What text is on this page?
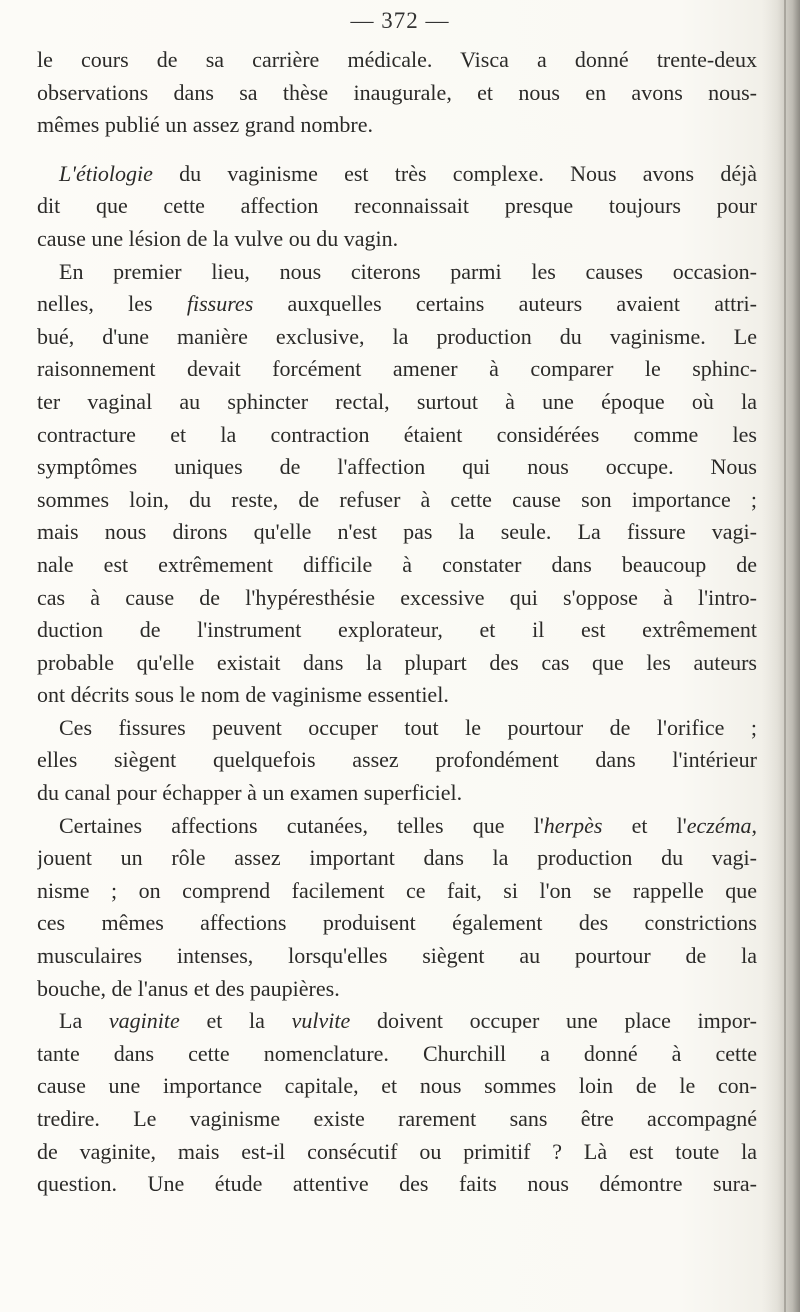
— 372 —
le cours de sa carrière médicale. Visca a donné trente-deux
observations dans sa thèse inaugurale, et nous en avons nous-
mêmes publié un assez grand nombre.
L'étiologie du vaginisme est très complexe. Nous avons déjà
dit que cette affection reconnaissait presque toujours pour
cause une lésion de la vulve ou du vagin.
En premier lieu, nous citerons parmi les causes occasion-
nelles, les fissures auxquelles certains auteurs avaient attri-
bué, d'une manière exclusive, la production du vaginisme. Le
raisonnement devait forcément amener à comparer le sphinc-
ter vaginal au sphincter rectal, surtout à une époque où la
contracture et la contraction étaient considérées comme les
symptômes uniques de l'affection qui nous occupe. Nous
sommes loin, du reste, de refuser à cette cause son importance ;
mais nous dirons qu'elle n'est pas la seule. La fissure vagi-
nale est extrêmement difficile à constater dans beaucoup de
cas à cause de l'hypéresthésie excessive qui s'oppose à l'intro-
duction de l'instrument explorateur, et il est extrêmement
probable qu'elle existait dans la plupart des cas que les auteurs
ont décrits sous le nom de vaginisme essentiel.
Ces fissures peuvent occuper tout le pourtour de l'orifice ;
elles siègent quelquefois assez profondément dans l'intérieur
du canal pour échapper à un examen superficiel.
Certaines affections cutanées, telles que l'herpès et l'eczéma,
jouent un rôle assez important dans la production du vagi-
nisme ; on comprend facilement ce fait, si l'on se rappelle que
ces mêmes affections produisent également des constrictions
musculaires intenses, lorsqu'elles siègent au pourtour de la
bouche, de l'anus et des paupières.
La vaginite et la vulvite doivent occuper une place impor-
tante dans cette nomenclature. Churchill a donné à cette
cause une importance capitale, et nous sommes loin de le con-
tredire. Le vaginisme existe rarement sans être accompagné
de vaginite, mais est-il consécutif ou primitif ? Là est toute la
question. Une étude attentive des faits nous démontre sura-
